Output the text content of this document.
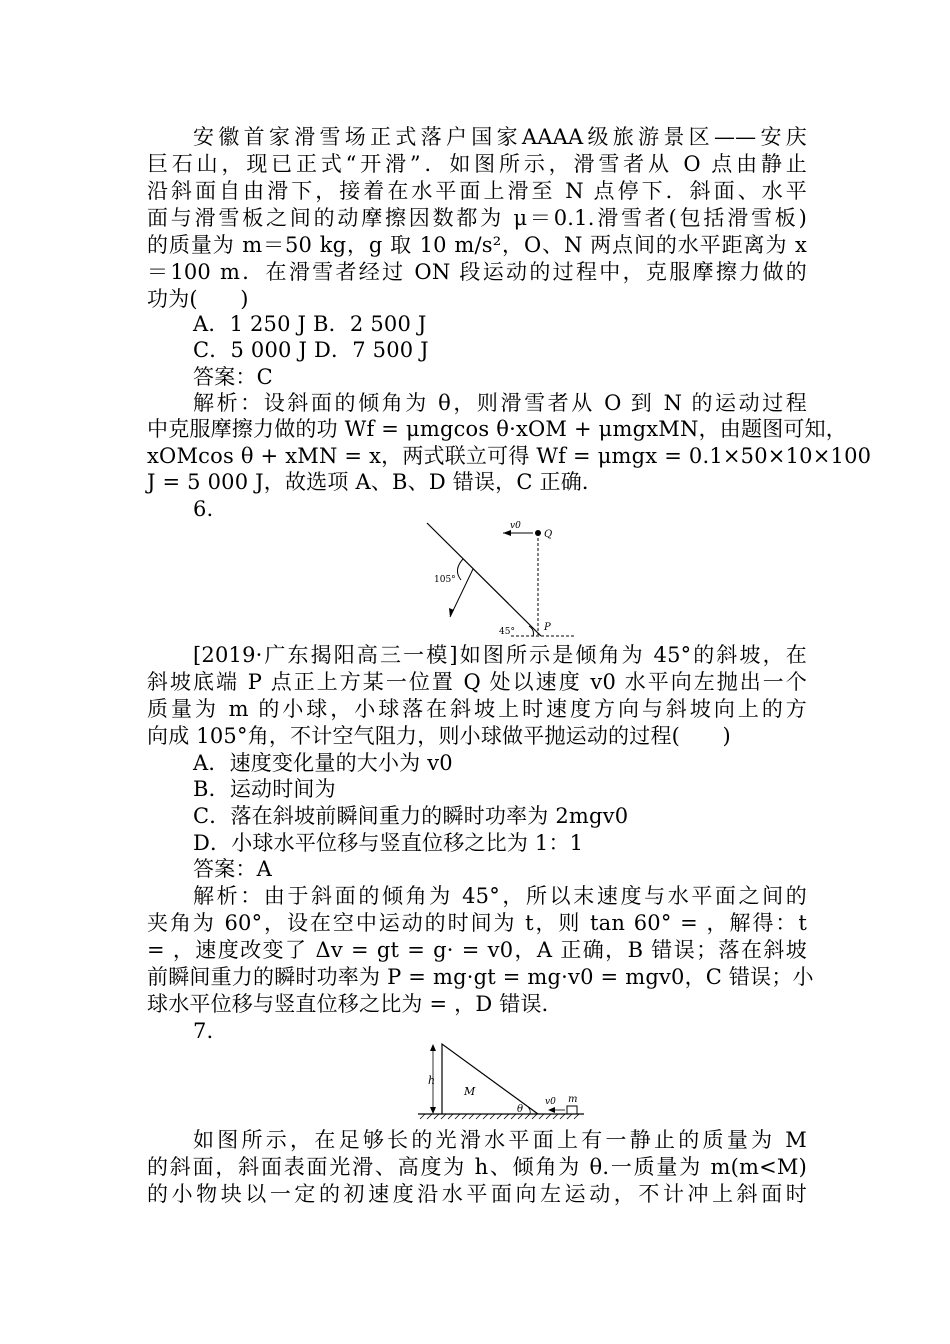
安徽首家滑雪场正式落户国家AAAA级旅游景区——安庆
巨石山，现已正式“开滑”．如图所示，滑雪者从 O 点由静止
沿斜面自由滑下，接着在水平面上滑至 N 点停下．斜面、水平
面与滑雪板之间的动摩擦因数都为 μ＝0.1.滑雪者(包括滑雪板)
的质量为 m＝50 kg，g 取 10 m/s²，O、N 两点间的水平距离为 x
＝100 m．在滑雪者经过 ON 段运动的过程中，克服摩擦力做的
功为(　　)
A．1 250 J B．2 500 J
C．5 000 J D．7 500 J
答案：C
解析：设斜面的倾角为 θ，则滑雪者从 O 到 N 的运动过程
中克服摩擦力做的功 Wf = μmgcos θ·xOM + μmgxMN，由题图可知，
xOMcos θ + xMN = x，两式联立可得 Wf = μmgx = 0.1×50×10×100
J = 5 000 J，故选项 A、B、D 错误，C 正确．
6.
v0
Q
105°
45°	P
[2019·广东揭阳高三一模]如图所示是倾角为 45°的斜坡，在
斜坡底端 P 点正上方某一位置 Q 处以速度 v0 水平向左抛出一个
质量为 m 的小球，小球落在斜坡上时速度方向与斜坡向上的方
向成 105°角，不计空气阻力，则小球做平抛运动的过程(　　)
A．速度变化量的大小为 v0
B．运动时间为
C．落在斜坡前瞬间重力的瞬时功率为 2mgv0
D．小球水平位移与竖直位移之比为 1：1
答案：A
解析：由于斜面的倾角为 45°，所以末速度与水平面之间的
夹角为 60°，设在空中运动的时间为 t，则 tan 60° = ，解得：t
= ，速度改变了 Δv = gt = g· = v0，A 正确，B 错误；落在斜坡
前瞬间重力的瞬时功率为 P = mg·gt = mg·v0 = mgv0，C 错误；小
球水平位移与竖直位移之比为 = ，D 错误．
7.
h
M
θ
v0 m
如图所示，在足够长的光滑水平面上有一静止的质量为 M
的斜面，斜面表面光滑、高度为 h、倾角为 θ.一质量为 m(m<M)
的小物块以一定的初速度沿水平面向左运动，不计冲上斜面时
